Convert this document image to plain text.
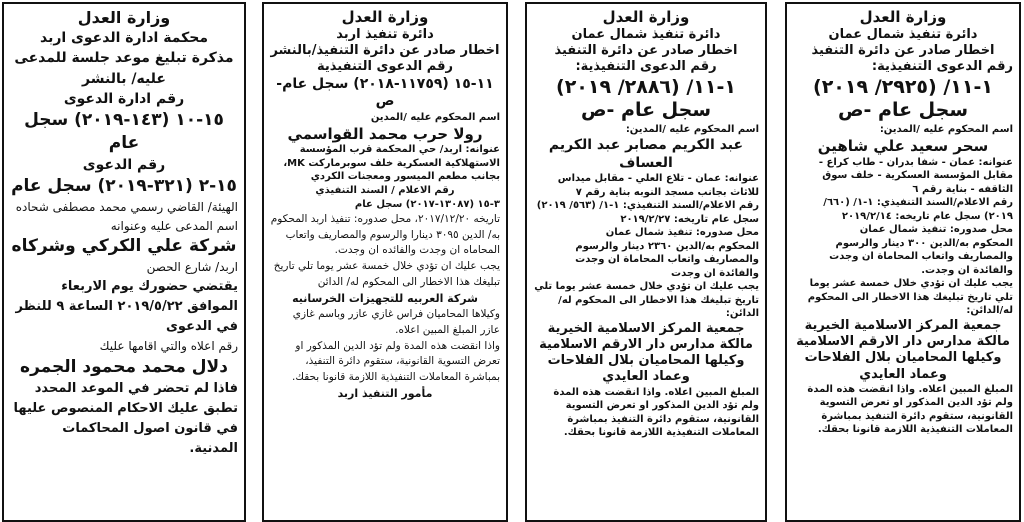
وزارة العدل

دائرة تنفيذ شمال عمان

اخطار صادر عن دائرة التنفيذ

رقم الدعوى التنفيذية:

١-١١/ (٢٩٢٥/ ٢٠١٩)

سجل عام -ص

اسم المحكوم عليه /المدين:

سحر سعيد علي شاهين

عنوانه: عمان - شفا بدران - طاب كراع - مقابل المؤسسة العسكرية - خلف سوق الثاقفه - بناية رقم ٦

رقم الاعلام/السند التنفيذي: ١-١/ (٦٦٠/ ٢٠١٩) سجل عام تاريخه: ٢٠١٩/٢/١٤

محل صدوره: تنفيذ شمال عمان

المحكوم به/الدين ٣٠٠ دينار والرسوم والمصاريف واتعاب المحاماة ان وجدت والفائدة ان وجدت.

يجب عليك ان تؤدي خلال خمسة عشر يوما تلي تاريخ تبليغك هذا الاخطار الى المحكوم له/الدائن:

جمعية المركز الاسلامية الخيرية مالكة مدارس دار الارقم الاسلامية وكيلها المحاميان بلال الفلاحات وعماد العايدي

المبلغ المبين اعلاه. واذا انقضت هذه المدة ولم تؤد الدين المذكور او تعرض التسوية القانونية، ستقوم دائرة التنفيذ بمباشرة المعاملات التنفيذية اللازمة قانونا بحقك.

وزارة العدل

دائرة تنفيذ شمال عمان

اخطار صادر عن دائرة التنفيذ

رقم الدعوى التنفيذية:

١-١١/ (٢٨٨٦/ ٢٠١٩)

سجل عام -ص

اسم المحكوم عليه /المدين:

عبد الكريم مصابر عبد الكريم العساف

عنوانه: عمان - تلاع العلي - مقابل ميداس للاثاث بجانب مسجد النوبه بناية رقم ٧

رقم الاعلام/السند التنفيذي: ١-١/ (٥٦٣/ ٢٠١٩) سجل عام تاريخه: ٢٠١٩/٢/٢٧

محل صدوره: تنفيذ شمال عمان

المحكوم به/الدين ٢٣٦٠ دينار والرسوم والمصاريف واتعاب المحاماة ان وجدت والفائدة ان وجدت

يجب عليك ان تؤدي خلال خمسة عشر يوما تلي تاريخ تبليغك هذا الاخطار الى المحكوم له/الدائن:

جمعية المركز الاسلامية الخيرية مالكة مدارس دار الارقم الاسلامية وكيلها المحاميان بلال الفلاحات وعماد العايدي

المبلغ المبين اعلاه. واذا انقضت هذه المدة ولم تؤد الدين المذكور او تعرض التسوية القانونية، ستقوم دائرة التنفيذ بمباشرة المعاملات التنفيذية اللازمة قانونا بحقك.

وزارة العدل

دائرة تنفيذ اربد

اخطار صادر عن دائرة التنفيذ/بالنشر

رقم الدعوى التنفيذية

١١-١٥ (١١٧٥٩-٢٠١٨) سجل عام-ص

اسم المحكوم عليه /المدين

رولا حرب محمد القواسمي

عنوانه: اربد/ حي المحكمة قرب المؤسسة الاستهلاكية العسكرية خلف سوبرماركت MK، بجانب مطعم الميسور ومعجنات الكردي

رقم الاعلام / السند التنفيذي

٣-١٥ (١٣٠٨٧-٢٠١٧) سجل عام

تاريخه ٢٠١٧/١٢/٢٠، محل صدوره: تنفيذ اربد المحكوم به/ الدين ٣٠٩٥ دينارا والرسوم والمصاريف واتعاب المحاماه ان وجدت والفائده ان وجدت.

يجب عليك ان تؤدي خلال خمسة عشر يوما تلي تاريخ تبليغك هذا الاخطار الى المحكوم له/ الدائن

شركة العربيه للتجهيزات الخرسانيه

وكيلاها المحاميان فراس غازي عازر وباسم غازي عازر المبلغ المبين اعلاه.

واذا انقضت هذه المدة ولم تؤد الدين المذكور او تعرض التسوية القانونية، ستقوم دائرة التنفيذ، بمباشرة المعاملات التنفيذية اللازمة قانونا بحقك.

مأمور التنفيذ اربد

وزارة العدل

محكمة ادارة الدعوى اربد

مذكرة تبليغ موعد جلسة للمدعى عليه/ بالنشر

رقم ادارة الدعوى

١٥-١٠ (١٤٣-٢٠١٩) سجل عام

رقم الدعوى

١٥-٢ (٣٢١-٢٠١٩) سجل عام

الهيئة/ القاضي رسمي محمد مصطفى شحاده

اسم المدعى عليه وعنوانه

شركة علي الكركي وشركاه

اربد/ شارع الحصن

يقتضي حضورك يوم الاربعاء الموافق ٢٠١٩/٥/٢٢ الساعة ٩ للنظر في الدعوى

رقم اعلاه والتي اقامها عليك

دلال محمد محمود الجمره

فاذا لم تحضر في الموعد المحدد تطبق عليك الاحكام المنصوص عليها في قانون اصول المحاكمات المدنية.
